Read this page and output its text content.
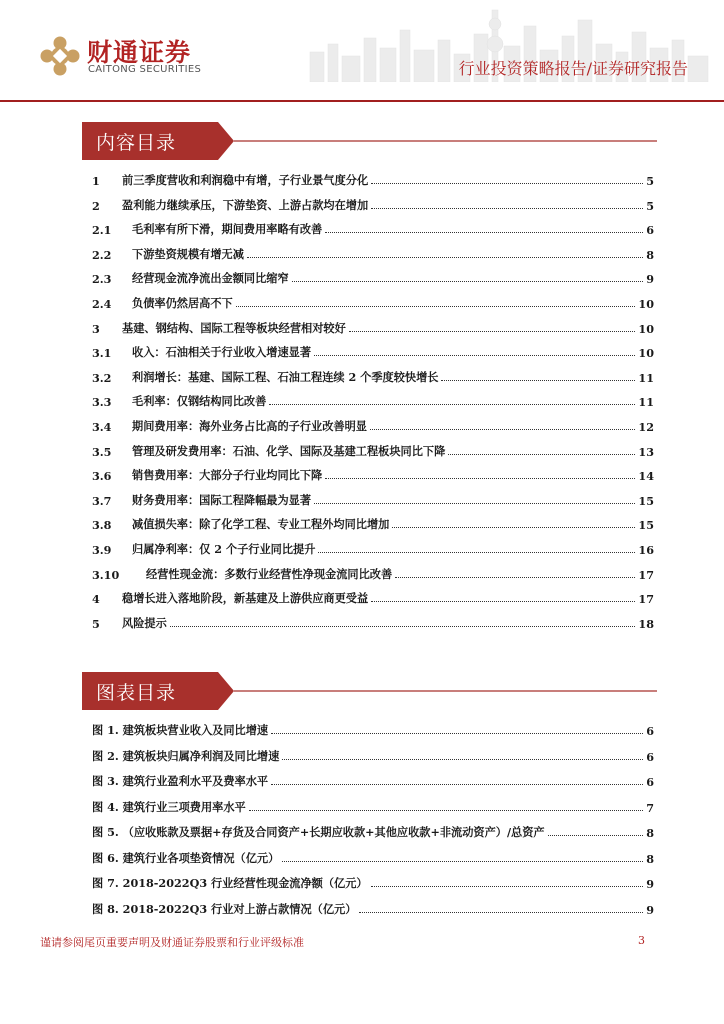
财通证券
CAITONG SECURITIES	行业投资策略报告/证券研究报告
内容目录
1	前三季度营收和利润稳中有增，子行业景气度分化	5
2	盈利能力继续承压，下游垫资、上游占款均在增加	5
2.1	毛利率有所下滑，期间费用率略有改善	6
2.2	下游垫资规模有增无减	8
2.3	经营现金流净流出金额同比缩窄	9
2.4	负债率仍然居高不下	10
3	基建、钢结构、国际工程等板块经营相对较好	10
3.1	收入：石油相关于行业收入增速显著	10
3.2	利润增长：基建、国际工程、石油工程连续 2 个季度较快增长	11
3.3	毛利率：仅钢结构同比改善	11
3.4	期间费用率：海外业务占比高的子行业改善明显	12
3.5	管理及研发费用率：石油、化学、国际及基建工程板块同比下降	13
3.6	销售费用率：大部分子行业均同比下降	14
3.7	财务费用率：国际工程降幅最为显著	15
3.8	减值损失率：除了化学工程、专业工程外均同比增加	15
3.9	归属净利率：仅 2 个子行业同比提升	16
3.10	经营性现金流：多数行业经营性净现金流同比改善	17
4	稳增长进入落地阶段，新基建及上游供应商更受益	17
5	风险提示	18
图表目录
图 1. 建筑板块营业收入及同比增速	6
图 2. 建筑板块归属净利润及同比增速	6
图 3. 建筑行业盈利水平及费率水平	6
图 4. 建筑行业三项费用率水平	7
图 5. （应收账款及票据+存货及合同资产+长期应收款+其他应收款+非流动资产）/总资产	8
图 6. 建筑行业各项垫资情况（亿元）	8
图 7. 2018-2022Q3 行业经营性现金流净额（亿元）	9
图 8. 2018-2022Q3 行业对上游占款情况（亿元）	9
谨请参阅尾页重要声明及财通证券股票和行业评级标准	3
